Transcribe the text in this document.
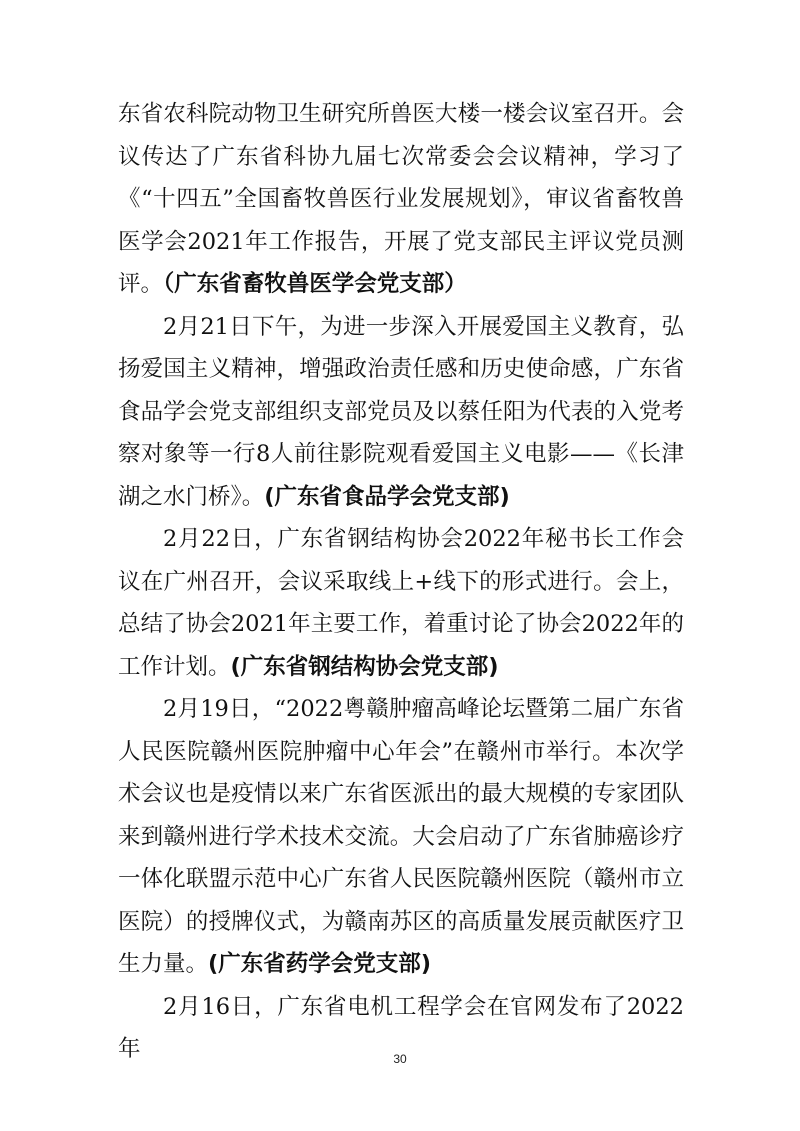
东省农科院动物卫生研究所兽医大楼一楼会议室召开。会议传达了广东省科协九届七次常委会会议精神，学习了《“十四五”全国畜牧兽医行业发展规划》，审议省畜牧兽医学会2021年工作报告，开展了党支部民主评议党员测评。（广东省畜牧兽医学会党支部）

2月21日下午，为进一步深入开展爱国主义教育，弘扬爱国主义精神，增强政治责任感和历史使命感，广东省食品学会党支部组织支部党员及以蔡任阳为代表的入党考察对象等一行8人前往影院观看爱国主义电影——《长津湖之水门桥》。(广东省食品学会党支部)

2月22日，广东省钢结构协会2022年秘书长工作会议在广州召开，会议采取线上+线下的形式进行。会上，总结了协会2021年主要工作，着重讨论了协会2022年的工作计划。(广东省钢结构协会党支部)

2月19日，“2022粤赣肿瘤高峰论坛暨第二届广东省人民医院赣州医院肿瘤中心年会”在赣州市举行。本次学术会议也是疫情以来广东省医派出的最大规模的专家团队来到赣州进行学术技术交流。大会启动了广东省肺癌诊疗一体化联盟示范中心广东省人民医院赣州医院（赣州市立医院）的授牌仪式，为赣南苏区的高质量发展贡献医疗卫生力量。(广东省药学会党支部)

2月16日，广东省电机工程学会在官网发布了2022年	30
